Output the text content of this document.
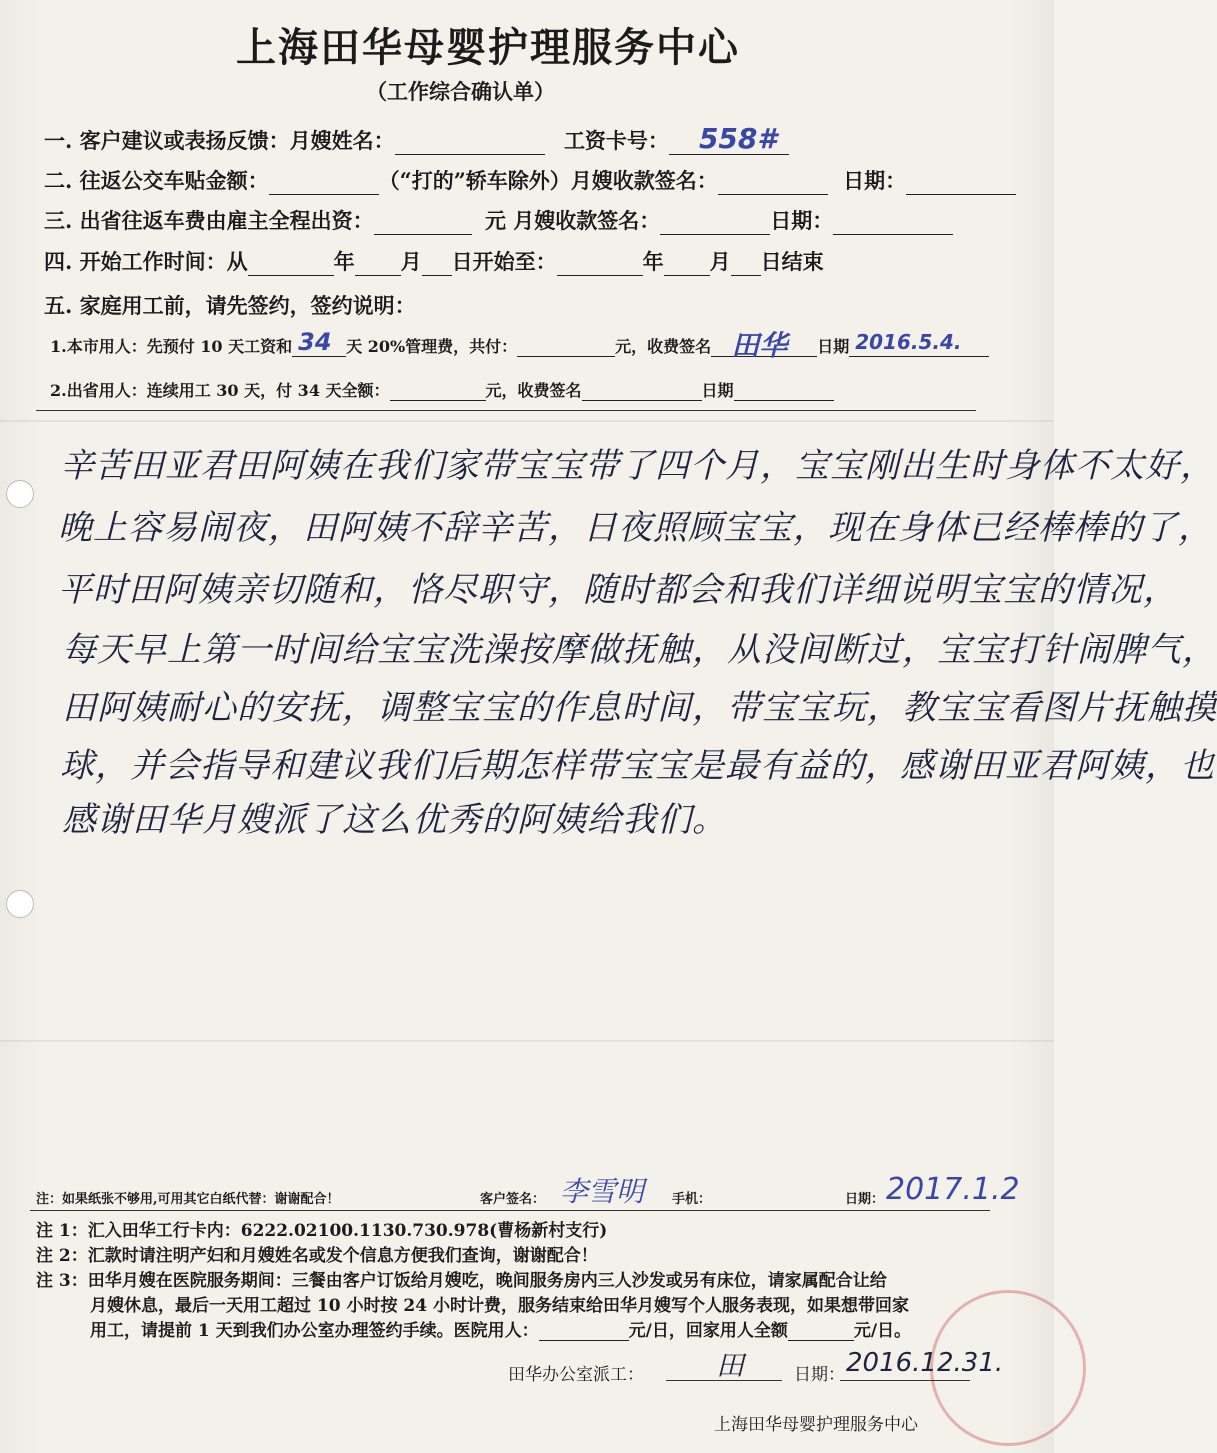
上海田华母婴护理服务中心
（工作综合确认单）
一. 客户建议或表扬反馈：月嫂姓名：	工资卡号： 558#
二. 往返公交车贴金额：	（“打的”轿车除外）月嫂收款签名：	日期：
三. 出省往返车费由雇主全程出资：	元 月嫂收款签名：	日期：
四. 开始工作时间：从	年 月 日开始至：	年 月 日结束
五. 家庭用工前，请先签约，签约说明：
1.本市用人：先预付 10 天工资和 34 天 20%管理费，共付：	元，收费签名 田华 日期 2016.5.4.
2.出省用人：连续用工 30 天，付 34 天全额：	元，收费签名	日期
辛苦田亚君田阿姨在我们家带宝宝带了四个月，宝宝刚出生时身体不太好，
晚上容易闹夜，田阿姨不辞辛苦，日夜照顾宝宝，现在身体已经棒棒的了，
平时田阿姨亲切随和，恪尽职守，随时都会和我们详细说明宝宝的情况，
每天早上第一时间给宝宝洗澡按摩做抚触，从没间断过，宝宝打针闹脾气，
田阿姨耐心的安抚，调整宝宝的作息时间，带宝宝玩，教宝宝看图片抚触摸
球，并会指导和建议我们后期怎样带宝宝是最有益的，感谢田亚君阿姨，也
感谢田华月嫂派了这么优秀的阿姨给我们。
注：如果纸张不够用,可用其它白纸代替：谢谢配合！	客户签名： 李雪明 手机：	日期： 2017.1.2
注 1：汇入田华工行卡内：6222.02100.1130.730.978(曹杨新村支行)
注 2：汇款时请注明产妇和月嫂姓名或发个信息方便我们查询，谢谢配合！
注 3：田华月嫂在医院服务期间：三餐由客户订饭给月嫂吃，晚间服务房内三人沙发或另有床位，请家属配合让给
月嫂休息，最后一天用工超过 10 小时按 24 小时计费，服务结束给田华月嫂写个人服务表现，如果想带回家
用工，请提前 1 天到我们办公室办理签约手续。医院用人：	元/日，回家用人全额	元/日。
田华办公室派工：	田	日期： 2016.12.31.
上海田华母婴护理服务中心
